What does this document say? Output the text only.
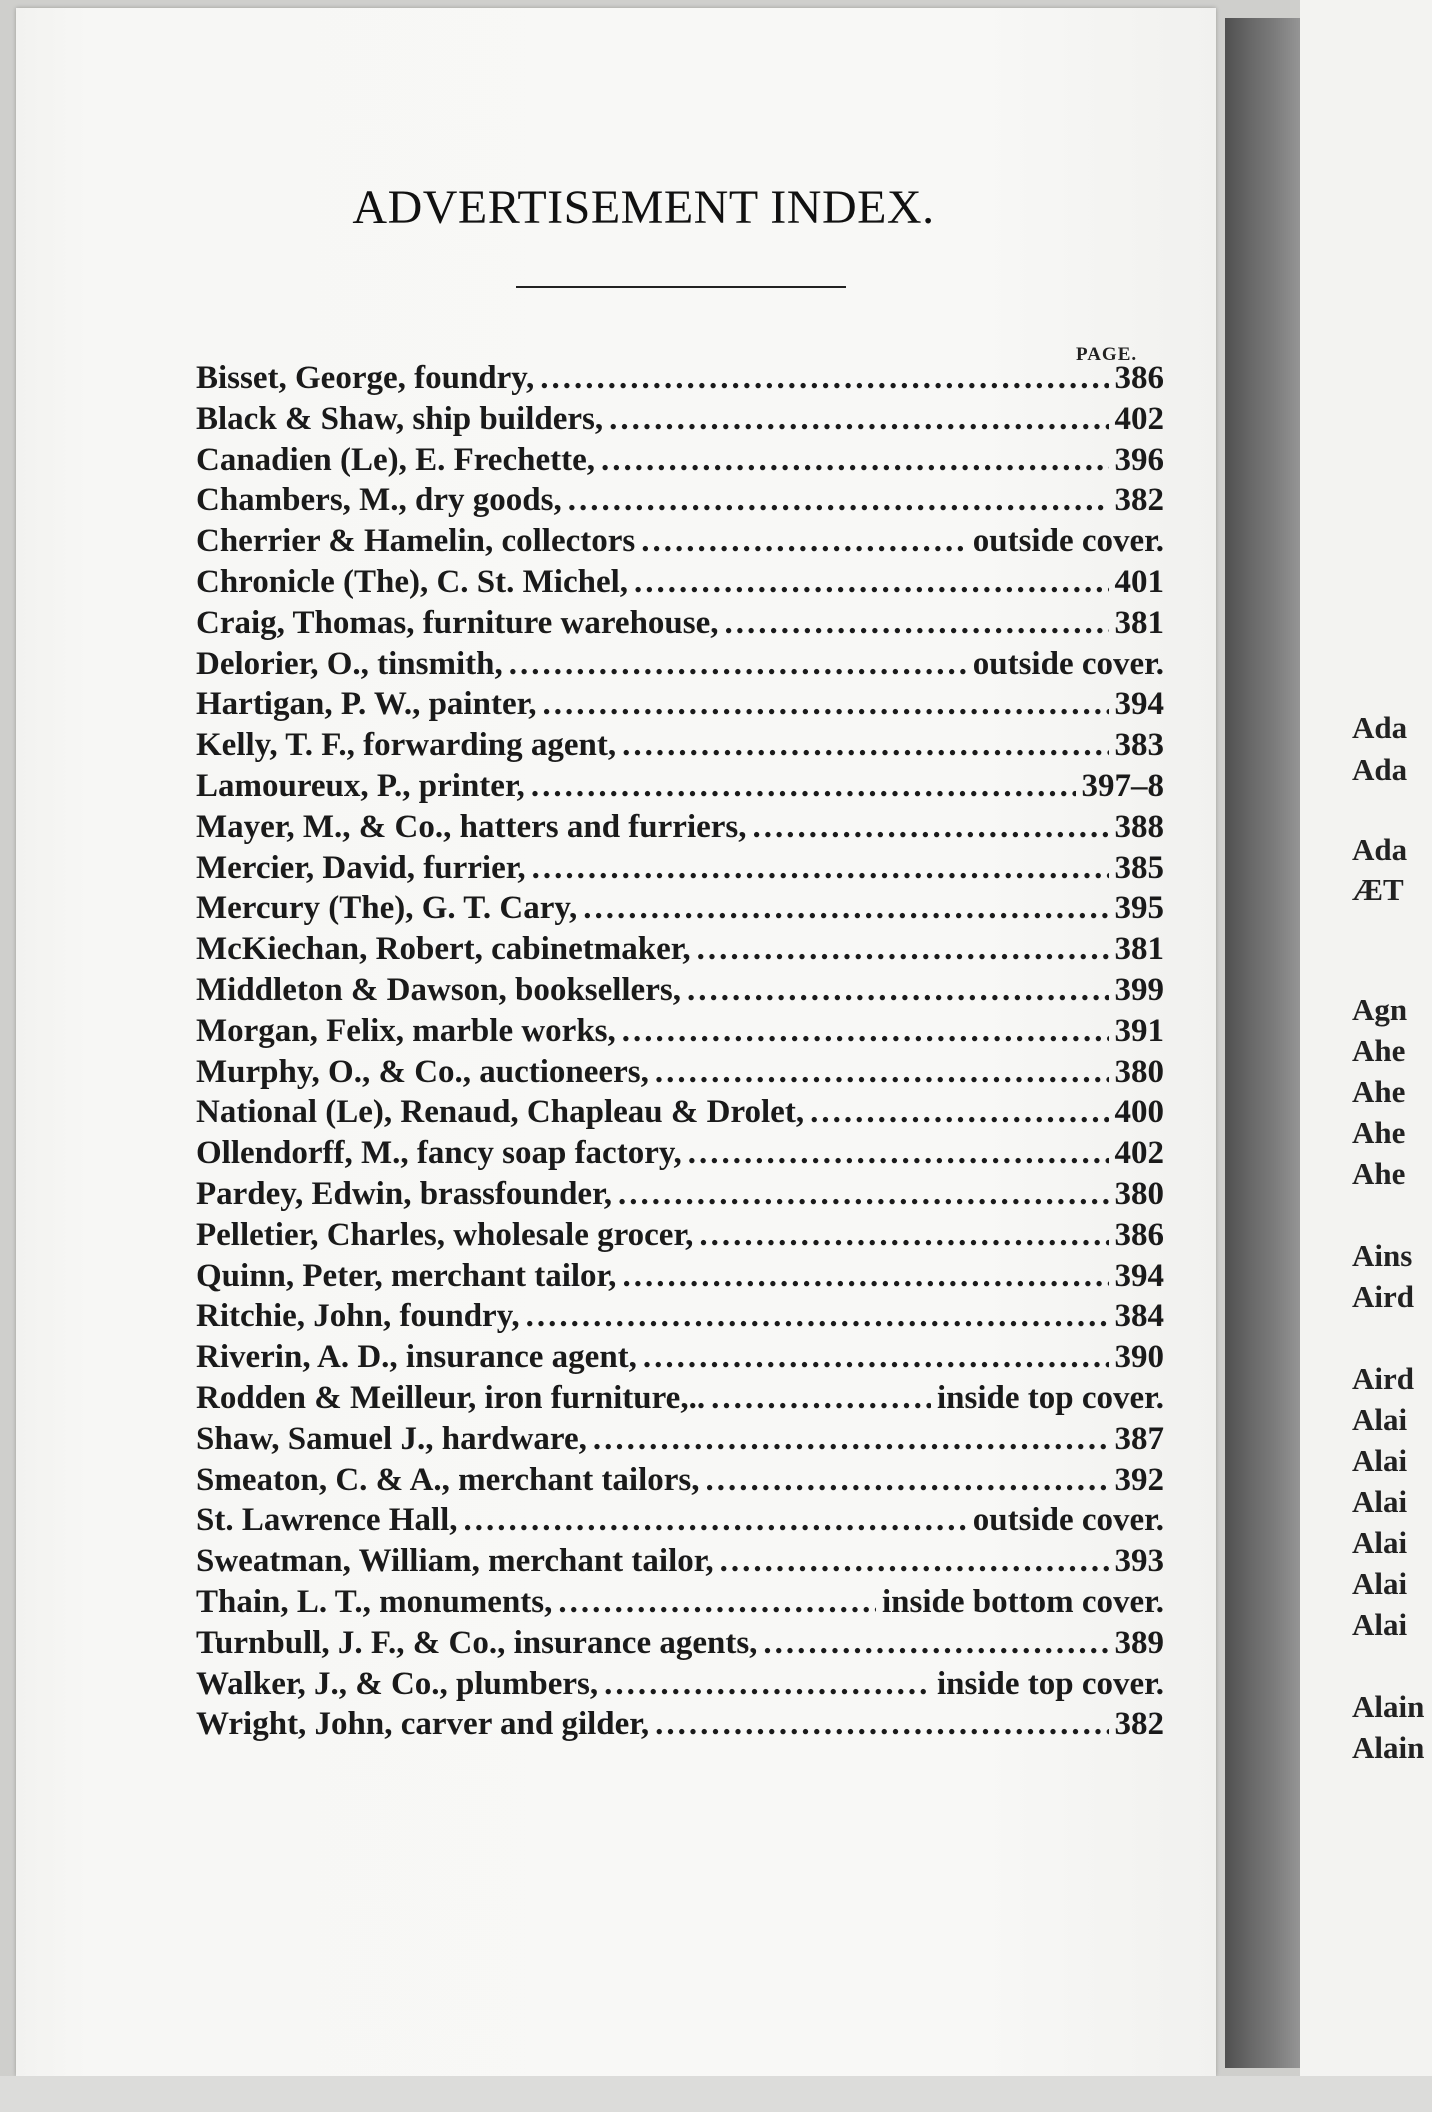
ADVERTISEMENT INDEX.
PAGE.
Bisset, George, foundry, .....	386
Black & Shaw, ship builders, .....	402
Canadien (Le), E. Frechette, .....	396
Chambers, M., dry goods, .....	382
Cherrier & Hamelin, collectors .....	outside cover.
Chronicle (The), C. St. Michel, .....	401
Craig, Thomas, furniture warehouse, .....	381
Delorier, O., tinsmith, .....	outside cover.
Hartigan, P. W., painter, .....	394
Kelly, T. F., forwarding agent, .....	383
Lamoureux, P., printer, .....	397–8
Mayer, M., & Co., hatters and furriers, .....	388
Mercier, David, furrier, .....	385
Mercury (The), G. T. Cary, .....	395
McKiechan, Robert, cabinetmaker, .....	381
Middleton & Dawson, booksellers, .....	399
Morgan, Felix, marble works, .....	391
Murphy, O., & Co., auctioneers, .....	380
National (Le), Renaud, Chapleau & Drolet, .....	400
Ollendorff, M., fancy soap factory, .....	402
Pardey, Edwin, brassfounder, .....	380
Pelletier, Charles, wholesale grocer, .....	386
Quinn, Peter, merchant tailor, .....	394
Ritchie, John, foundry, .....	384
Riverin, A. D., insurance agent, .....	390
Rodden & Meilleur, iron furniture,.. .....	inside top cover.
Shaw, Samuel J., hardware, .....	387
Smeaton, C. & A., merchant tailors, .....	392
St. Lawrence Hall, .....	outside cover.
Sweatman, William, merchant tailor, .....	393
Thain, L. T., monuments, .....	inside bottom cover.
Turnbull, J. F., & Co., insurance agents, .....	389
Walker, J., & Co., plumbers, .....	inside top cover.
Wright, John, carver and gilder, .....	382
Ada
Ada
Ada
ÆT
Agn
Ahe
Ahe
Ahe
Ahe
Ains
Aird
Aird
Alai
Alai
Alai
Alai
Alai
Alai
Alain
Alain
